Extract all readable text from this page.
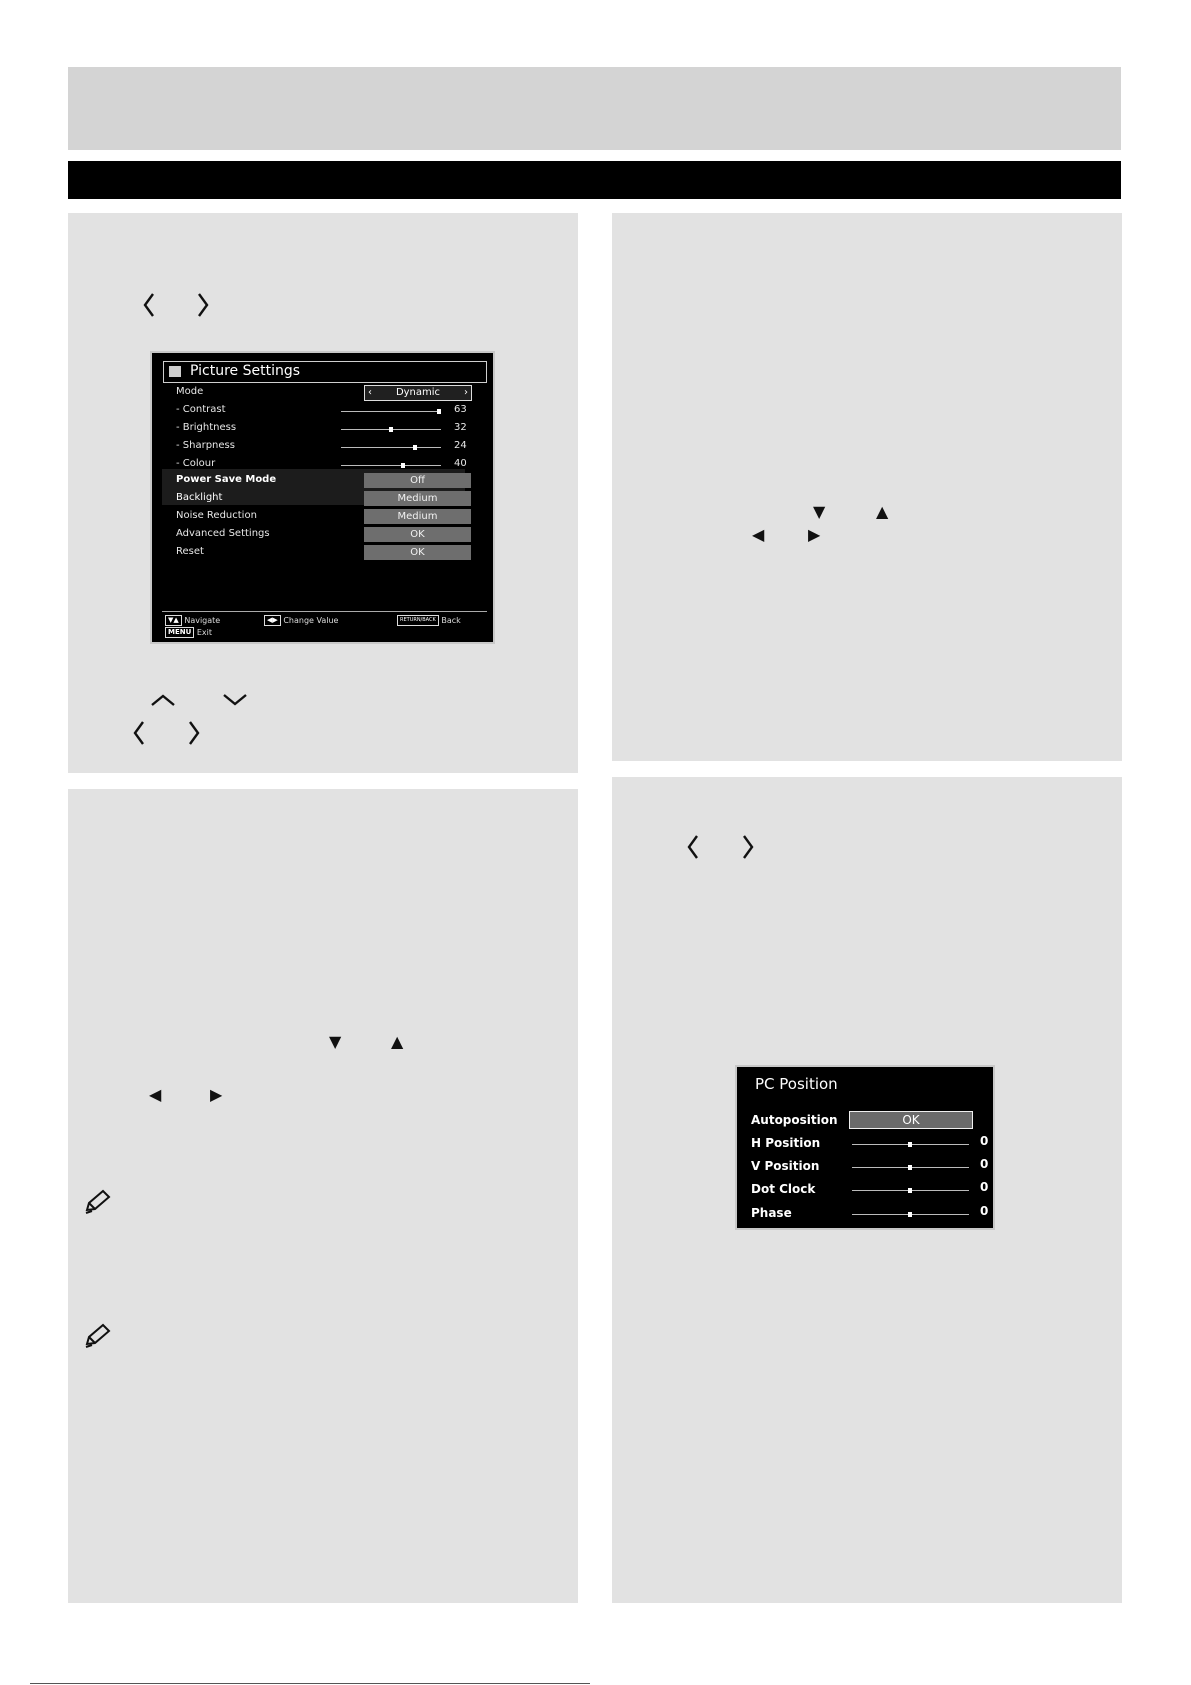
Picture Settings
Mode	‹ Dynamic ›
- Contrast	63
- Brightness	32
- Sharpness	24
- Colour	40
Power Save Mode	Off
Backlight	Medium
Noise Reduction	Medium
Advanced Settings	OK
Reset	OK
▼▲ Navigate	◀▶ Change Value	RETURN/BACK Back
MENU Exit
▼	▲
◀	▶
▼	▲
◀	▶
PC Position
Autoposition	OK
H Position	0
V Position	0
Dot Clock	0
Phase	0
